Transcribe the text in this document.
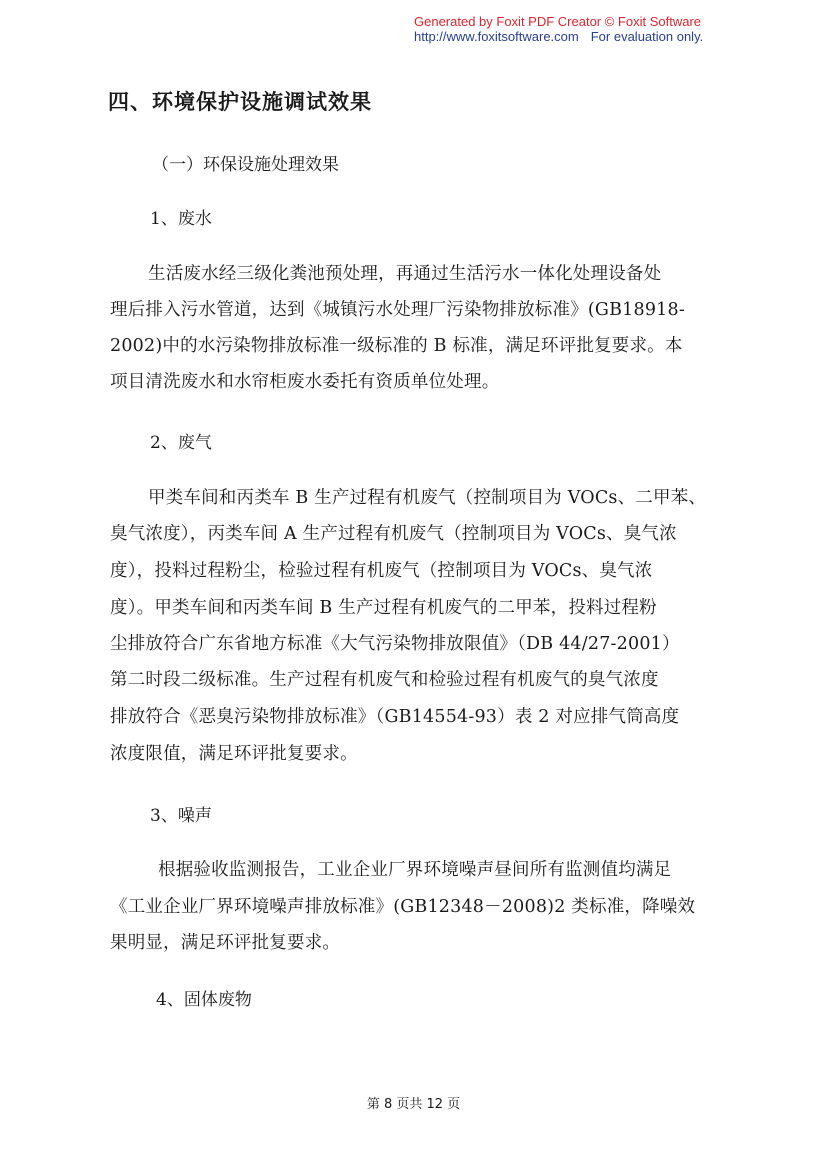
Generated by Foxit PDF Creator © Foxit Software
http://www.foxitsoftware.com For evaluation only.
四、环境保护设施调试效果
（一）环保设施处理效果
1、废水
生活废水经三级化粪池预处理，再通过生活污水一体化处理设备处
理后排入污水管道，达到《城镇污水处理厂污染物排放标准》(GB18918-
2002)中的水污染物排放标准一级标准的 B 标准，满足环评批复要求。本
项目清洗废水和水帘柜废水委托有资质单位处理。
2、废气
甲类车间和丙类车 B 生产过程有机废气（控制项目为 VOCs、二甲苯、
臭气浓度），丙类车间 A 生产过程有机废气（控制项目为 VOCs、臭气浓
度），投料过程粉尘，检验过程有机废气（控制项目为 VOCs、臭气浓
度）。甲类车间和丙类车间 B 生产过程有机废气的二甲苯，投料过程粉
尘排放符合广东省地方标准《大气污染物排放限值》（DB 44/27-2001）
第二时段二级标准。生产过程有机废气和检验过程有机废气的臭气浓度
排放符合《恶臭污染物排放标准》（GB14554-93）表 2 对应排气筒高度
浓度限值，满足环评批复要求。
3、噪声
根据验收监测报告，工业企业厂界环境噪声昼间所有监测值均满足
《工业企业厂界环境噪声排放标准》(GB12348－2008)2 类标准，降噪效
果明显，满足环评批复要求。
4、固体废物
第 8 页共 12 页
